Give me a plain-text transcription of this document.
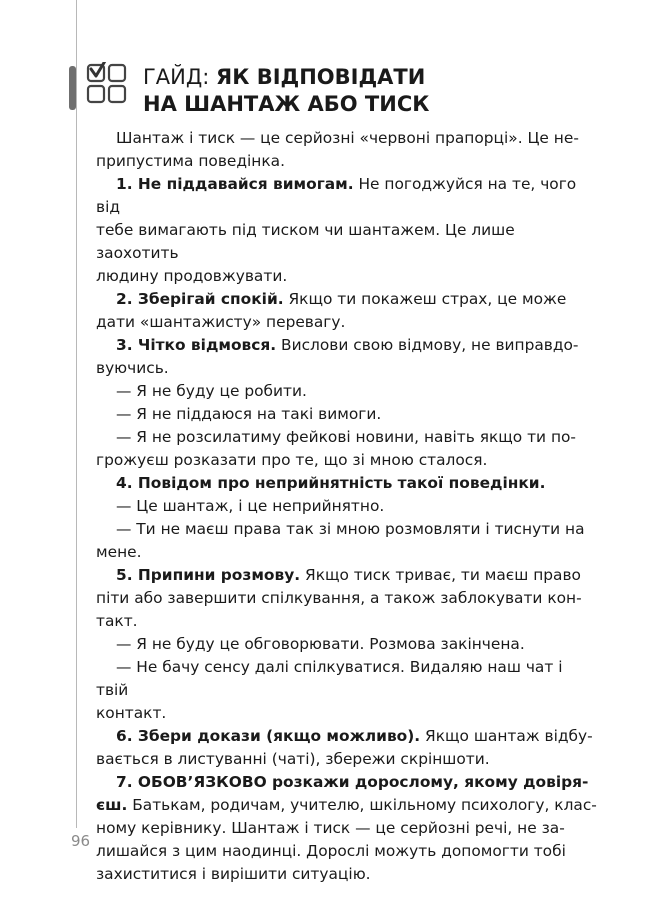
ГАЙД: ЯК ВІДПОВІДАТИ
НА ШАНТАЖ АБО ТИСК

Шантаж і тиск — це серйозні «червоні прапорці». Це не-
припустима поведінка.

1. Не піддавайся вимогам. Не погоджуйся на те, чого від
тебе вимагають під тиском чи шантажем. Це лише заохотить
людину продовжувати.

2. Зберігай спокій. Якщо ти покажеш страх, це може
дати «шантажисту» перевагу.

3. Чітко відмовся. Вислови свою відмову, не виправдо-
вуючись.

— Я не буду це робити.

— Я не піддаюся на такі вимоги.

— Я не розсилатиму фейкові новини, навіть якщо ти по-
грожуєш розказати про те, що зі мною сталося.

4. Повідом про неприйнятність такої поведінки.

— Це шантаж, і це неприйнятно.

— Ти не маєш права так зі мною розмовляти і тиснути на
мене.

5. Припини розмову. Якщо тиск триває, ти маєш право
піти або завершити спілкування, а також заблокувати кон-
такт.

— Я не буду це обговорювати. Розмова закінчена.

— Не бачу сенсу далі спілкуватися. Видаляю наш чат і твій
контакт.

6. Збери докази (якщо можливо). Якщо шантаж відбу-
вається в листуванні (чаті), збережи скріншоти.

7. ОБОВ’ЯЗКОВО розкажи дорослому, якому довіря-
єш. Батькам, родичам, учителю, шкільному психологу, клас-
ному керівнику. Шантаж і тиск — це серйозні речі, не за-
лишайся з цим наодинці. Дорослі можуть допомогти тобі
захиститися і вирішити ситуацію.

96
